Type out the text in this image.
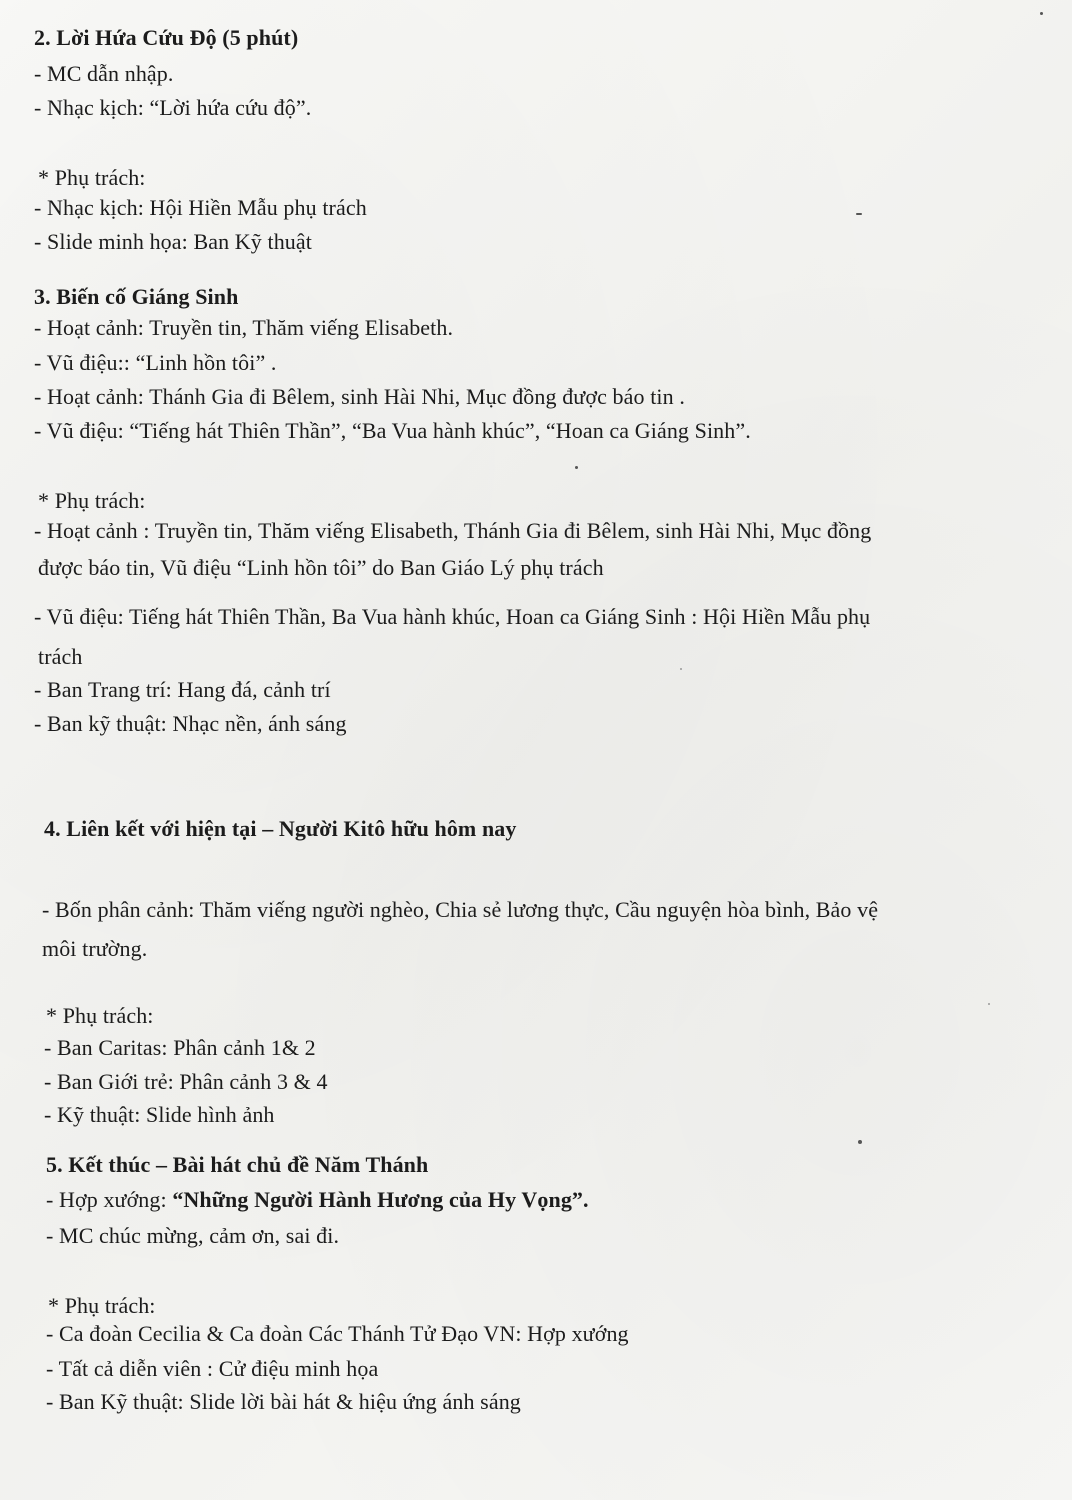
2. Lời Hứa Cứu Độ (5 phút)
- MC dẫn nhập.
- Nhạc kịch: “Lời hứa cứu độ”.
* Phụ trách:
- Nhạc kịch: Hội Hiền Mẫu phụ trách
- Slide minh họa: Ban Kỹ thuật
3. Biến cố Giáng Sinh
- Hoạt cảnh: Truyền tin, Thăm viếng Elisabeth.
- Vũ điệu:: “Linh hồn tôi” .
- Hoạt cảnh: Thánh Gia đi Bêlem, sinh Hài Nhi, Mục đồng được báo tin .
- Vũ điệu: “Tiếng hát Thiên Thần”, “Ba Vua hành khúc”, “Hoan ca Giáng Sinh”.
* Phụ trách:
- Hoạt cảnh : Truyền tin, Thăm viếng Elisabeth, Thánh Gia đi Bêlem, sinh Hài Nhi, Mục đồng
được báo tin, Vũ điệu “Linh hồn tôi” do Ban Giáo Lý phụ trách
- Vũ điệu: Tiếng hát Thiên Thần, Ba Vua hành khúc, Hoan ca Giáng Sinh : Hội Hiền Mẫu phụ
trách
- Ban Trang trí: Hang đá, cảnh trí
- Ban kỹ thuật: Nhạc nền, ánh sáng
4. Liên kết với hiện tại – Người Kitô hữu hôm nay
- Bốn phân cảnh: Thăm viếng người nghèo, Chia sẻ lương thực, Cầu nguyện hòa bình, Bảo vệ
môi trường.
* Phụ trách:
- Ban Caritas: Phân cảnh 1& 2
- Ban Giới trẻ: Phân cảnh 3 & 4
- Kỹ thuật: Slide hình ảnh
5. Kết thúc – Bài hát chủ đề Năm Thánh
- Hợp xướng: “Những Người Hành Hương của Hy Vọng”.
- MC chúc mừng, cảm ơn, sai đi.
* Phụ trách:
- Ca đoàn Cecilia & Ca đoàn Các Thánh Tử Đạo VN: Hợp xướng
- Tất cả diễn viên : Cử điệu minh họa
- Ban Kỹ thuật: Slide lời bài hát & hiệu ứng ánh sáng
